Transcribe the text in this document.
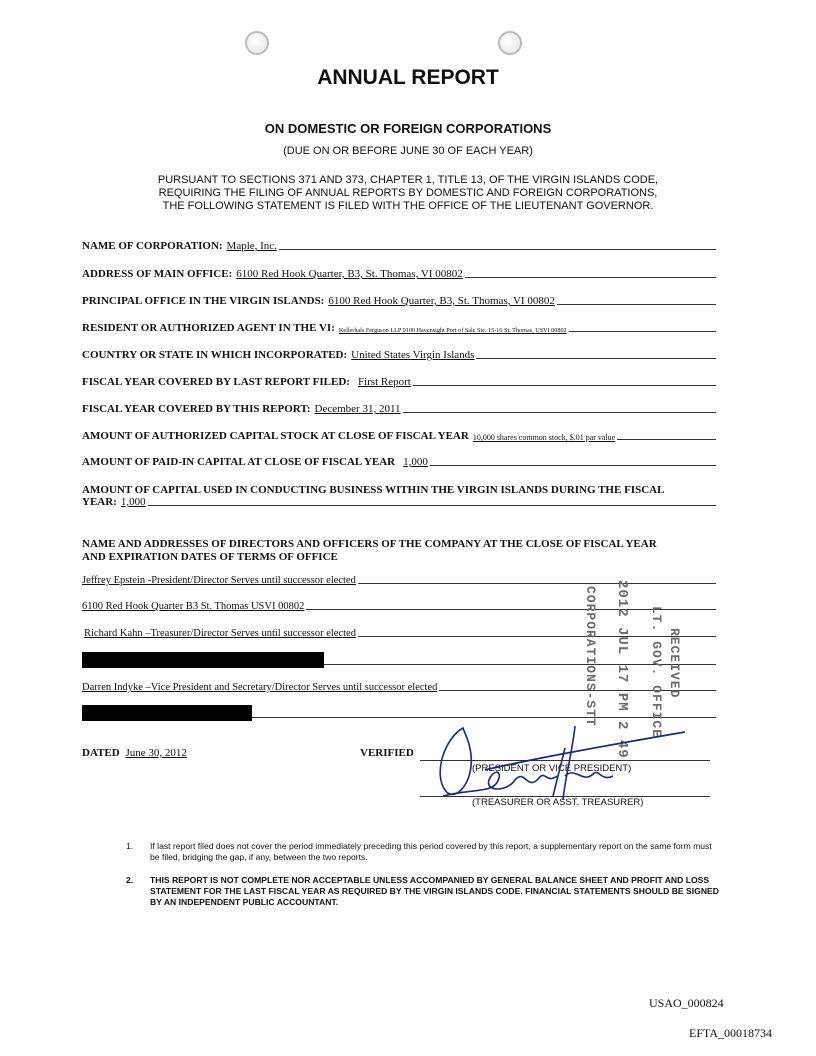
ANNUAL REPORT
ON DOMESTIC OR FOREIGN CORPORATIONS
(DUE ON OR BEFORE JUNE 30 OF EACH YEAR)
PURSUANT TO SECTIONS 371 AND 373, CHAPTER 1, TITLE 13, OF THE VIRGIN ISLANDS CODE,
REQUIRING THE FILING OF ANNUAL REPORTS BY DOMESTIC AND FOREIGN CORPORATIONS,
THE FOLLOWING STATEMENT IS FILED WITH THE OFFICE OF THE LIEUTENANT GOVERNOR.
NAME OF CORPORATION: Maple, Inc.
ADDRESS OF MAIN OFFICE: 6100 Red Hook Quarter, B3, St. Thomas, VI 00802
PRINCIPAL OFFICE IN THE VIRGIN ISLANDS: 6100 Red Hook Quarter, B3, St. Thomas, VI 00802
RESIDENT OR AUTHORIZED AGENT IN THE VI: Kellerhals Ferguson LLP 9100 Havensight Port of Sale Ste. 15-16 St. Thomas, USVI 00802
COUNTRY OR STATE IN WHICH INCORPORATED: United States Virgin Islands
FISCAL YEAR COVERED BY LAST REPORT FILED: First Report
FISCAL YEAR COVERED BY THIS REPORT: December 31, 2011
AMOUNT OF AUTHORIZED CAPITAL STOCK AT CLOSE OF FISCAL YEAR 10,000 shares common stock, $.01 par value
AMOUNT OF PAID-IN CAPITAL AT CLOSE OF FISCAL YEAR 1,000
AMOUNT OF CAPITAL USED IN CONDUCTING BUSINESS WITHIN THE VIRGIN ISLANDS DURING THE FISCAL
YEAR: 1,000
NAME AND ADDRESSES OF DIRECTORS AND OFFICERS OF THE COMPANY AT THE CLOSE OF FISCAL YEAR
AND EXPIRATION DATES OF TERMS OF OFFICE
Jeffrey Epstein -President/Director Serves until successor elected
6100 Red Hook Quarter B3 St. Thomas USVI 00802
Richard Kahn –Treasurer/Director Serves until successor elected
Darren Indyke –Vice President and Secretary/Director Serves until successor elected	2012 JUL 17 PM 2 49
CORPORATIONS-STT	RECEIVED
LT. GOV. OFFICE
DATED June 30, 2012	VERIFIED
(PRESIDENT OR VICE PRESIDENT)
(TREASURER OR ASST. TREASURER)
1. If last report filed does not cover the period immediately preceding this period covered by this report, a supplementary report on the same form must be filed, bridging the gap, if any, between the two reports.
2. THIS REPORT IS NOT COMPLETE NOR ACCEPTABLE UNLESS ACCOMPANIED BY GENERAL BALANCE SHEET AND PROFIT AND LOSS STATEMENT FOR THE LAST FISCAL YEAR AS REQUIRED BY THE VIRGIN ISLANDS CODE. FINANCIAL STATEMENTS SHOULD BE SIGNED BY AN INDEPENDENT PUBLIC ACCOUNTANT.
USAO_000824
EFTA_00018734
